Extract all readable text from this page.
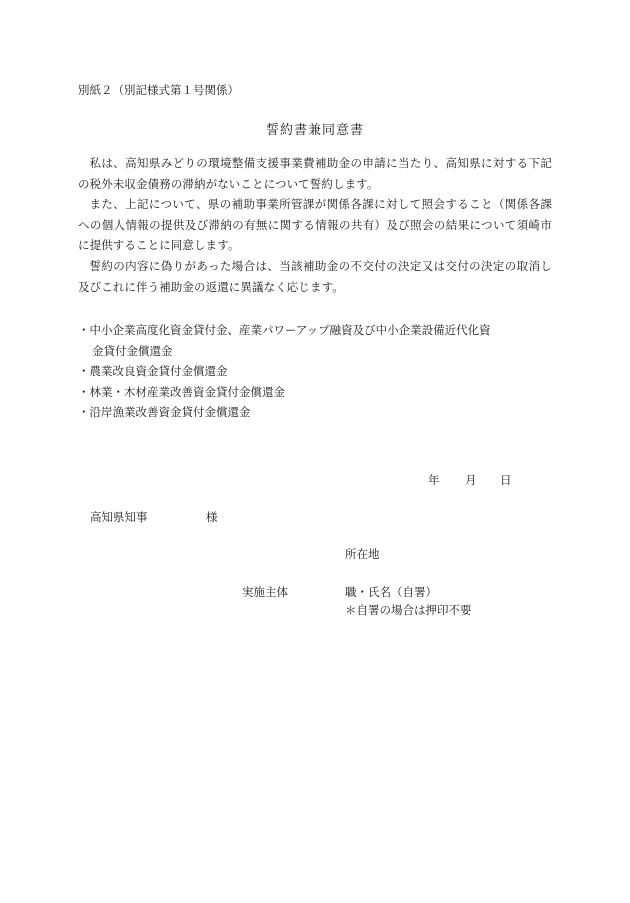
別紙２（別記様式第１号関係）
誓約書兼同意書

私は、高知県みどりの環境整備支援事業費補助金の申請に当たり、高知県に対する下記の税外未収金債務の滞納がないことについて誓約します。

また、上記について、県の補助事業所管課が関係各課に対して照会すること（関係各課への個人情報の提供及び滞納の有無に関する情報の共有）及び照会の結果について須崎市に提供することに同意します。

誓約の内容に偽りがあった場合は、当該補助金の不交付の決定又は交付の決定の取消し及びこれに伴う補助金の返還に異議なく応じます。

・中小企業高度化資金貸付金、産業パワーアップ融資及び中小企業設備近代化資
金貸付金償還金
・農業改良資金貸付金償還金
・林業・木材産業改善資金貸付金償還金
・沿岸漁業改善資金貸付金償還金
年 月 日
高知県知事	様
所在地
実施主体	職・氏名（自署）
＊自署の場合は押印不要
